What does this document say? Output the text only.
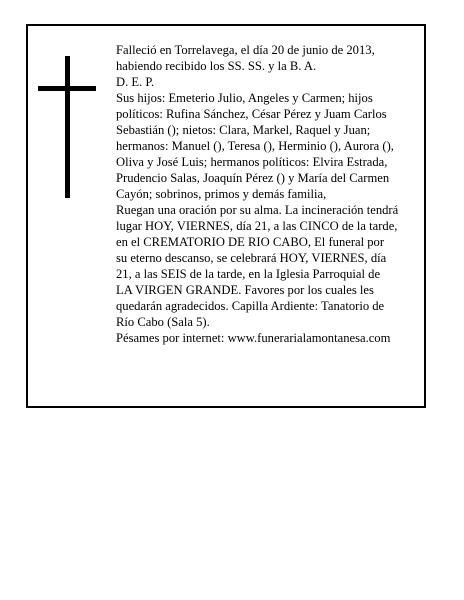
Falleció en Torrelavega, el día 20 de junio de 2013,

habiendo recibido los SS. SS. y la B. A.

D. E. P.

Sus hijos: Emeterio Julio, Angeles y Carmen; hijos

políticos: Rufina Sánchez, César Pérez y Juam Carlos

Sebastián (); nietos: Clara, Markel, Raquel y Juan;

hermanos: Manuel (), Teresa (), Herminio (), Aurora (),

Oliva y José Luis; hermanos políticos: Elvira Estrada,

Prudencio Salas, Joaquín Pérez () y María del Carmen

Cayón; sobrinos, primos y demás familia,

Ruegan una oración por su alma. La incineración tendrá

lugar HOY, VIERNES, día 21, a las CINCO de la tarde,

en el CREMATORIO DE RIO CABO, El funeral por

su eterno descanso, se celebrará HOY, VIERNES, día

21, a las SEIS de la tarde, en la Iglesia Parroquial de

LA VIRGEN GRANDE. Favores por los cuales les

quedarán agradecidos. Capilla Ardiente: Tanatorio de

Río Cabo (Sala 5).

Pésames por internet: www.funerarialamontanesa.com
